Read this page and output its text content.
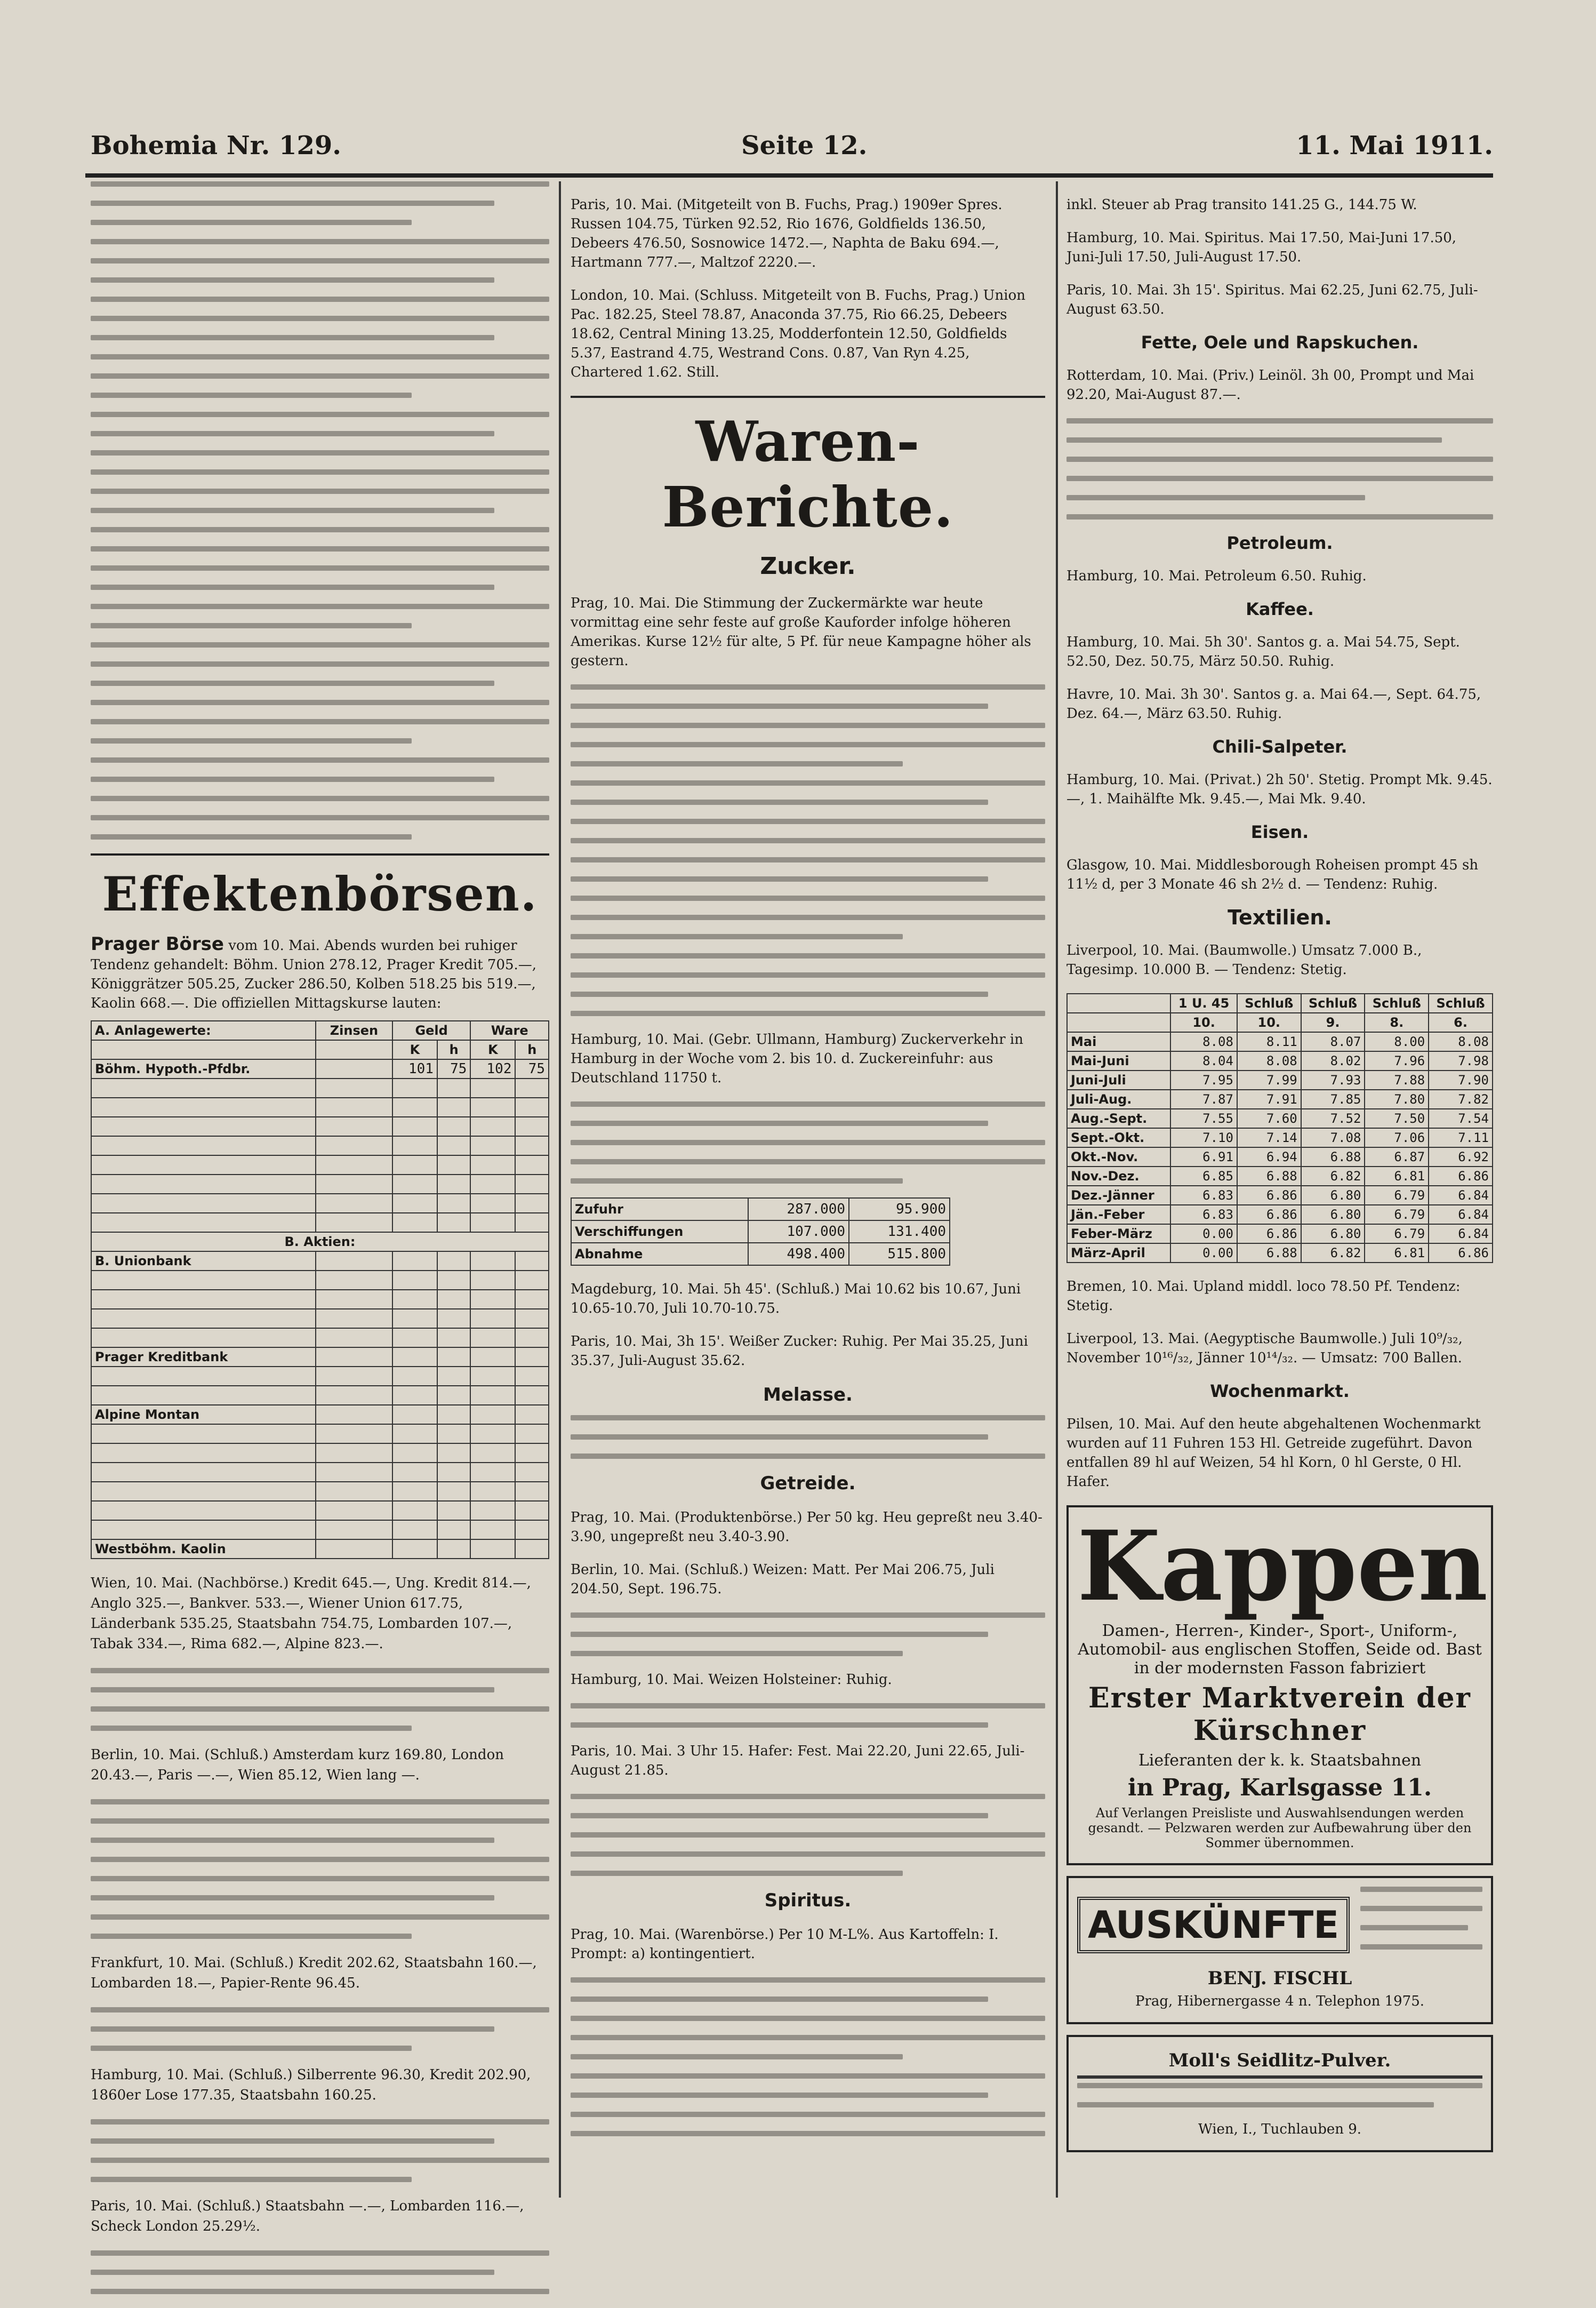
Bohemia Nr. 129.	Seite 12.	11. Mai 1911.
Effektenbörsen.
Prager Börse vom 10. Mai. Abends wurden bei ruhiger Tendenz gehandelt: Böhm. Union 278.12, Prager Kredit 705.—, Königgrätzer 505.25, Zucker 286.50, Kolben 518.25 bis 519.—, Kaolin 668.—. Die offiziellen Mittagskurse lauten:
A. Anlagewerte:	Zinsen	Geld		Ware	
		K	h	K	h
Böhm. Hypoth.-Pfdbr.		101	75	102	75

B. Aktien:					
B. Unionbank					

Prager Kreditbank					

Alpine Montan					

Westböhm. Kaolin					

Wien, 10. Mai. (Nachbörse.) Kredit 645.—, Ung. Kredit 814.—, Anglo 325.—, Bankver. 533.—, Wiener Union 617.75, Länderbank 535.25, Staatsbahn 754.75, Lombarden 107.—, Tabak 334.—, Rima 682.—, Alpine 823.—.

Berlin, 10. Mai. (Schluß.) Amsterdam kurz 169.80, London 20.43.—, Paris —.—, Wien 85.12, Wien lang —.

Frankfurt, 10. Mai. (Schluß.) Kredit 202.62, Staatsbahn 160.—, Lombarden 18.—, Papier-Rente 96.45.

Hamburg, 10. Mai. (Schluß.) Silberrente 96.30, Kredit 202.90, 1860er Lose 177.35, Staatsbahn 160.25.

Paris, 10. Mai. (Schluß.) Staatsbahn —.—, Lombarden 116.—, Scheck London 25.29½.

Paris, 10. Mai. (Mitgeteilt von B. Fuchs, Prag.) 1909er Spres. Russen 104.75, Türken 92.52, Rio 1676, Goldfields 136.50, Debeers 476.50, Sosnowice 1472.—, Naphta de Baku 694.—, Hartmann 777.—, Maltzof 2220.—.

London, 10. Mai. (Schluss. Mitgeteilt von B. Fuchs, Prag.) Union Pac. 182.25, Steel 78.87, Anaconda 37.75, Rio 66.25, Debeers 18.62, Central Mining 13.25, Modderfontein 12.50, Goldfields 5.37, Eastrand 4.75, Westrand Cons. 0.87, Van Ryn 4.25, Chartered 1.62. Still.

Waren-Berichte.
Zucker.

Prag, 10. Mai. Die Stimmung der Zuckermärkte war heute vormittag eine sehr feste auf große Kauforder infolge höheren Amerikas. Kurse 12½ für alte, 5 Pf. für neue Kampagne höher als gestern.

Hamburg, 10. Mai. (Gebr. Ullmann, Hamburg) Zuckerverkehr in Hamburg in der Woche vom 2. bis 10. d. Zuckereinfuhr: aus Deutschland 11750 t.

Zufuhr	287.000	95.900
Verschiffungen	107.000	131.400
Abnahme	498.400	515.800

Magdeburg, 10. Mai. 5h 45'. (Schluß.) Mai 10.62 bis 10.67, Juni 10.65-10.70, Juli 10.70-10.75.

Paris, 10. Mai, 3h 15'. Weißer Zucker: Ruhig. Per Mai 35.25, Juni 35.37, Juli-August 35.62.

Melasse.
Getreide.

Prag, 10. Mai. (Produktenbörse.) Per 50 kg. Heu gepreßt neu 3.40-3.90, ungepreßt neu 3.40-3.90.

Berlin, 10. Mai. (Schluß.) Weizen: Matt. Per Mai 206.75, Juli 204.50, Sept. 196.75.

Hamburg, 10. Mai. Weizen Holsteiner: Ruhig.

Paris, 10. Mai. 3 Uhr 15. Hafer: Fest. Mai 22.20, Juni 22.65, Juli-August 21.85.

Spiritus.

Prag, 10. Mai. (Warenbörse.) Per 10 M-L%. Aus Kartoffeln: I. Prompt: a) kontingentiert.

inkl. Steuer ab Prag transito 141.25 G., 144.75 W.

Hamburg, 10. Mai. Spiritus. Mai 17.50, Mai-Juni 17.50, Juni-Juli 17.50, Juli-August 17.50.

Paris, 10. Mai. 3h 15'. Spiritus. Mai 62.25, Juni 62.75, Juli-August 63.50.

Fette, Oele und Rapskuchen.

Rotterdam, 10. Mai. (Priv.) Leinöl. 3h 00, Prompt und Mai 92.20, Mai-August 87.—.

Petroleum.

Hamburg, 10. Mai. Petroleum 6.50. Ruhig.

Kaffee.

Hamburg, 10. Mai. 5h 30'. Santos g. a. Mai 54.75, Sept. 52.50, Dez. 50.75, März 50.50. Ruhig.

Havre, 10. Mai. 3h 30'. Santos g. a. Mai 64.—, Sept. 64.75, Dez. 64.—, März 63.50. Ruhig.

Chili-Salpeter.

Hamburg, 10. Mai. (Privat.) 2h 50'. Stetig. Prompt Mk. 9.45.—, 1. Maihälfte Mk. 9.45.—, Mai Mk. 9.40.

Eisen.

Glasgow, 10. Mai. Middlesborough Roheisen prompt 45 sh 11½ d, per 3 Monate 46 sh 2½ d. — Tendenz: Ruhig.

Textilien.

Liverpool, 10. Mai. (Baumwolle.) Umsatz 7.000 B., Tagesimp. 10.000 B. — Tendenz: Stetig.

	1 U. 45	Schluß	Schluß	Schluß	Schluß
	10.	10.	9.	8.	6.
Mai	8.08	8.11	8.07	8.00	8.08
Mai-Juni	8.04	8.08	8.02	7.96	7.98
Juni-Juli	7.95	7.99	7.93	7.88	7.90
Juli-Aug.	7.87	7.91	7.85	7.80	7.82
Aug.-Sept.	7.55	7.60	7.52	7.50	7.54
Sept.-Okt.	7.10	7.14	7.08	7.06	7.11
Okt.-Nov.	6.91	6.94	6.88	6.87	6.92
Nov.-Dez.	6.85	6.88	6.82	6.81	6.86
Dez.-Jänner	6.83	6.86	6.80	6.79	6.84
Jän.-Feber	6.83	6.86	6.80	6.79	6.84
Feber-März	0.00	6.86	6.80	6.79	6.84
März-April	0.00	6.88	6.82	6.81	6.86

Bremen, 10. Mai. Upland middl. loco 78.50 Pf. Tendenz: Stetig.

Liverpool, 13. Mai. (Aegyptische Baumwolle.) Juli 10⁹/₃₂, November 10¹⁶/₃₂, Jänner 10¹⁴/₃₂. — Umsatz: 700 Ballen.

Wochenmarkt.

Pilsen, 10. Mai. Auf den heute abgehaltenen Wochenmarkt wurden auf 11 Fuhren 153 Hl. Getreide zugeführt. Davon entfallen 89 hl auf Weizen, 54 hl Korn, 0 hl Gerste, 0 Hl. Hafer.

Kappen
Damen-, Herren-, Kinder-, Sport-, Uniform-, Automobil- aus englischen Stoffen, Seide od. Bast in der modernsten Fasson fabriziert
Erster Marktverein der Kürschner
Lieferanten der k. k. Staatsbahnen
in Prag, Karlsgasse 11.
Auf Verlangen Preisliste und Auswahlsendungen werden gesandt. — Pelzwaren werden zur Aufbewahrung über den Sommer übernommen.
AUSKÜNFTE
BENJ. FISCHL
Prag, Hibernergasse 4 n. Telephon 1975.
Moll's Seidlitz-Pulver.
Wien, I., Tuchlauben 9.
